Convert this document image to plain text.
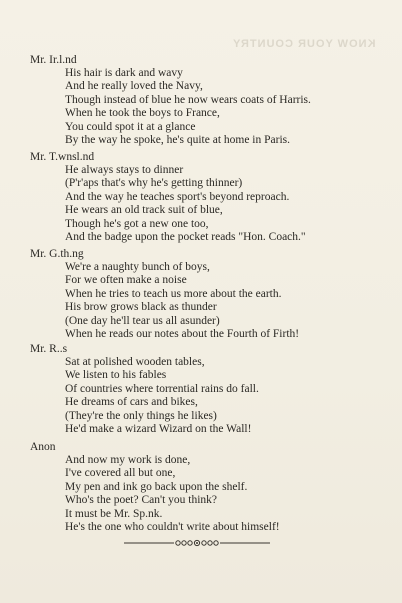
KNOW YOUR COUNTRY
Mr. Ir.l.nd
His hair is dark and wavy
And he really loved the Navy,
Though instead of blue he now wears coats of Harris.
When he took the boys to France,
You could spot it at a glance
By the way he spoke, he's quite at home in Paris.
Mr. T.wnsl.nd
He always stays to dinner
(P'r'aps that's why he's getting thinner)
And the way he teaches sport's beyond reproach.
He wears an old track suit of blue,
Though he's got a new one too,
And the badge upon the pocket reads "Hon. Coach."
Mr. G.th.ng
We're a naughty bunch of boys,
For we often make a noise
When he tries to teach us more about the earth.
His brow grows black as thunder
(One day he'll tear us all asunder)
When he reads our notes about the Fourth of Firth!
Mr. R..s
Sat at polished wooden tables,
We listen to his fables
Of countries where torrential rains do fall.
He dreams of cars and bikes,
(They're the only things he likes)
He'd make a wizard Wizard on the Wall!
Anon
And now my work is done,
I've covered all but one,
My pen and ink go back upon the shelf.
Who's the poet? Can't you think?
It must be Mr. Sp.nk.
He's the one who couldn't write about himself!
